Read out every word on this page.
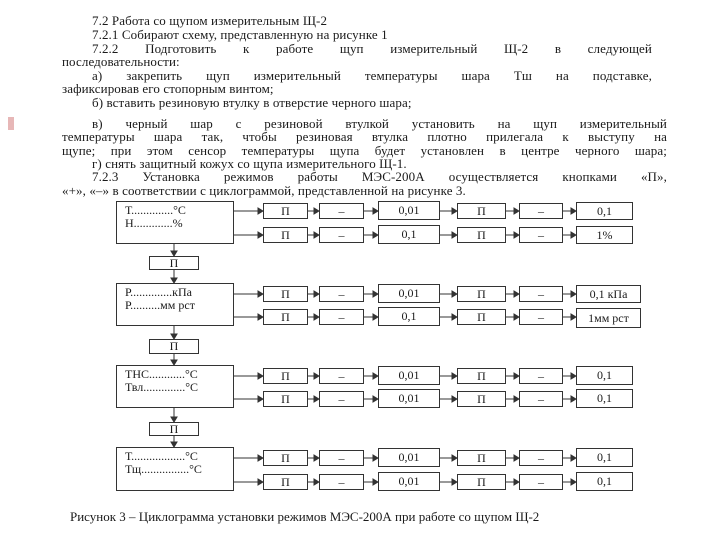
7.2 Работа со щупом измерительным Щ-2
7.2.1 Собирают схему, представленную на рисунке 1
7.2.2 Подготовить к работе щуп измерительный Щ-2 в следующей
последовательности:
а) закрепить щуп измерительный температуры шара Тш на подставке,
зафиксировав его стопорным винтом;
б) вставить резиновую втулку в отверстие черного шара;
в) черный шар с резиновой втулкой установить на щуп измерительный
температуры шара так, чтобы резиновая втулка плотно прилегала к выступу на
щупе; при этом сенсор температуры щупа будет установлен в центре черного шара;
г) снять защитный кожух со щупа измерительного Щ-1.
7.2.3 Установка режимов работы МЭС-200А осуществляется кнопками «П»,
«+», «–» в соответствии с циклограммой, представленной на рисунке 3.
Т..............°С
Н.............%
П	–	0,01	П	–	0,1
П	–	0,1	П	–	1%
П
Р..............кПа
Р..........мм рст
П	–	0,01	П	–	0,1 кПа
П	–	0,1	П	–	1мм рст
П
ТНС............°С
Твл..............°С
П	–	0,01	П	–	0,1
П	–	0,01	П	–	0,1
П
Т..................°С
Тщ................°С
П	–	0,01	П	–	0,1
П	–	0,01	П	–	0,1
Рисунок 3 – Циклограмма установки режимов МЭС-200А при работе со щупом Щ-2
